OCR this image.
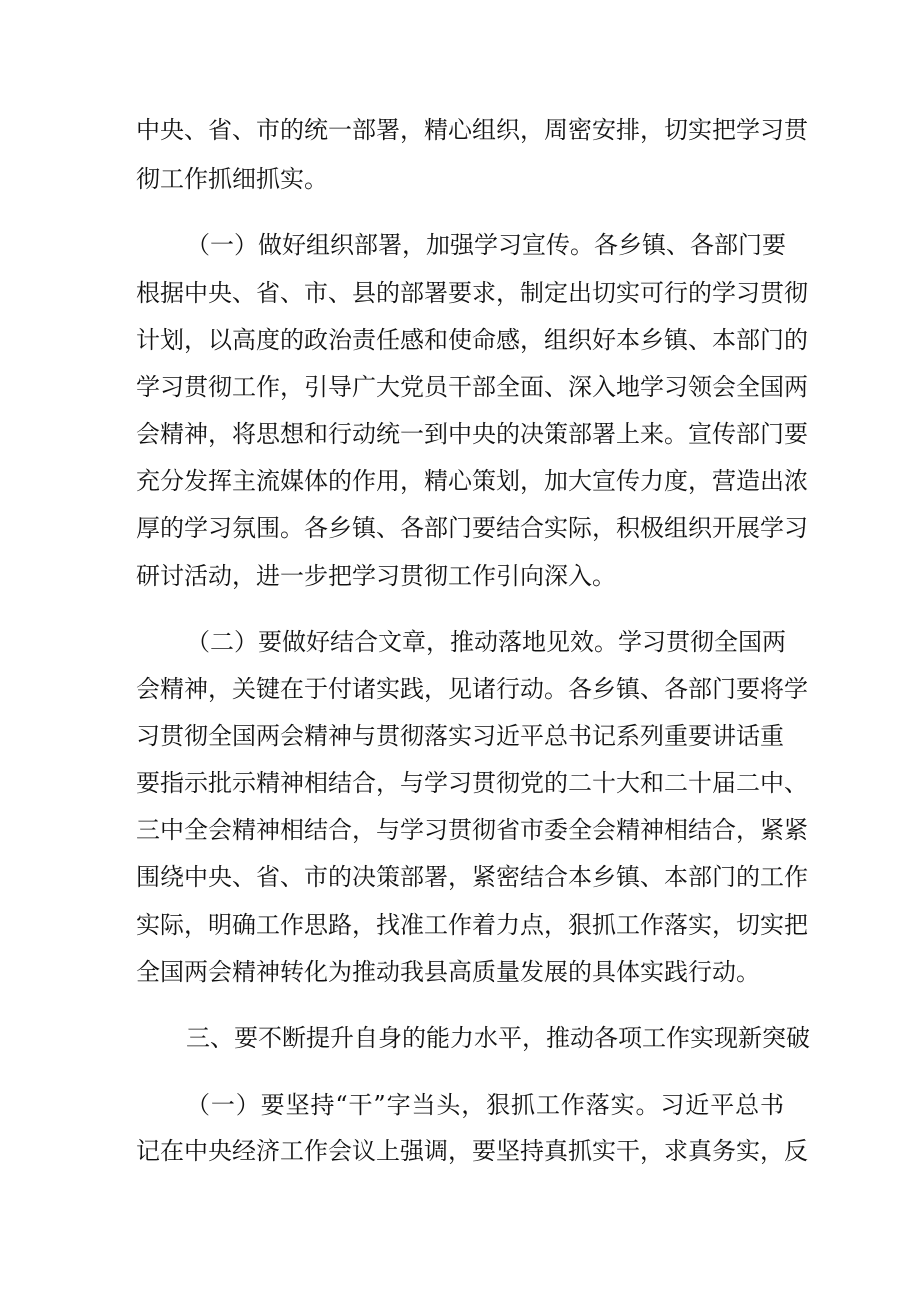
中央、省、市的统一部署，精心组织，周密安排，切实把学习贯

彻工作抓细抓实。

（一）做好组织部署，加强学习宣传。各乡镇、各部门要

根据中央、省、市、县的部署要求，制定出切实可行的学习贯彻

计划，以高度的政治责任感和使命感，组织好本乡镇、本部门的

学习贯彻工作，引导广大党员干部全面、深入地学习领会全国两

会精神，将思想和行动统一到中央的决策部署上来。宣传部门要

充分发挥主流媒体的作用，精心策划，加大宣传力度，营造出浓

厚的学习氛围。各乡镇、各部门要结合实际，积极组织开展学习

研讨活动，进一步把学习贯彻工作引向深入。

（二）要做好结合文章，推动落地见效。学习贯彻全国两

会精神，关键在于付诸实践，见诸行动。各乡镇、各部门要将学

习贯彻全国两会精神与贯彻落实习近平总书记系列重要讲话重

要指示批示精神相结合，与学习贯彻党的二十大和二十届二中、

三中全会精神相结合，与学习贯彻省市委全会精神相结合，紧紧

围绕中央、省、市的决策部署，紧密结合本乡镇、本部门的工作

实际，明确工作思路，找准工作着力点，狠抓工作落实，切实把

全国两会精神转化为推动我县高质量发展的具体实践行动。

三、要不断提升自身的能力水平，推动各项工作实现新突破

（一）要坚持“干”字当头，狠抓工作落实。习近平总书

记在中央经济工作会议上强调，要坚持真抓实干，求真务实，反
